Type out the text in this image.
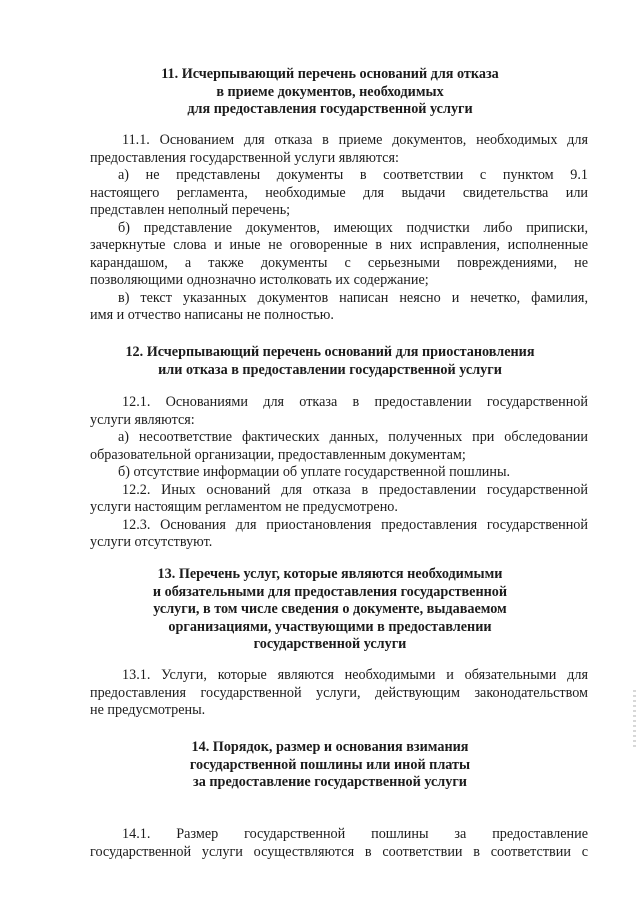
11. Исчерпывающий перечень оснований для отказа
в приеме документов, необходимых
для предоставления государственной услуги
11.1. Основанием для отказа в приеме документов, необходимых для
предоставления государственной услуги являются:
а) не представлены документы в соответствии с пунктом 9.1
настоящего регламента, необходимые для выдачи свидетельства или
представлен неполный перечень;
б) представление документов, имеющих подчистки либо приписки,
зачеркнутые слова и иные не оговоренные в них исправления, исполненные
карандашом, а также документы с серьезными повреждениями, не
позволяющими однозначно истолковать их содержание;
в) текст указанных документов написан неясно и нечетко, фамилия,
имя и отчество написаны не полностью.
12. Исчерпывающий перечень оснований для приостановления
или отказа в предоставлении государственной услуги
12.1. Основаниями для отказа в предоставлении государственной
услуги являются:
а) несоответствие фактических данных, полученных при обследовании
образовательной организации, предоставленным документам;
б) отсутствие информации об уплате государственной пошлины.
12.2. Иных оснований для отказа в предоставлении государственной
услуги настоящим регламентом не предусмотрено.
12.3. Основания для приостановления предоставления государственной
услуги отсутствуют.
13. Перечень услуг, которые являются необходимыми
и обязательными для предоставления государственной
услуги, в том числе сведения о документе, выдаваемом
организациями, участвующими в предоставлении
государственной услуги
13.1. Услуги, которые являются необходимыми и обязательными для
предоставления государственной услуги, действующим законодательством
не предусмотрены.
14. Порядок, размер и основания взимания
государственной пошлины или иной платы
за предоставление государственной услуги
14.1. Размер государственной пошлины за предоставление
государственной услуги осуществляются в соответствии в соответствии с
